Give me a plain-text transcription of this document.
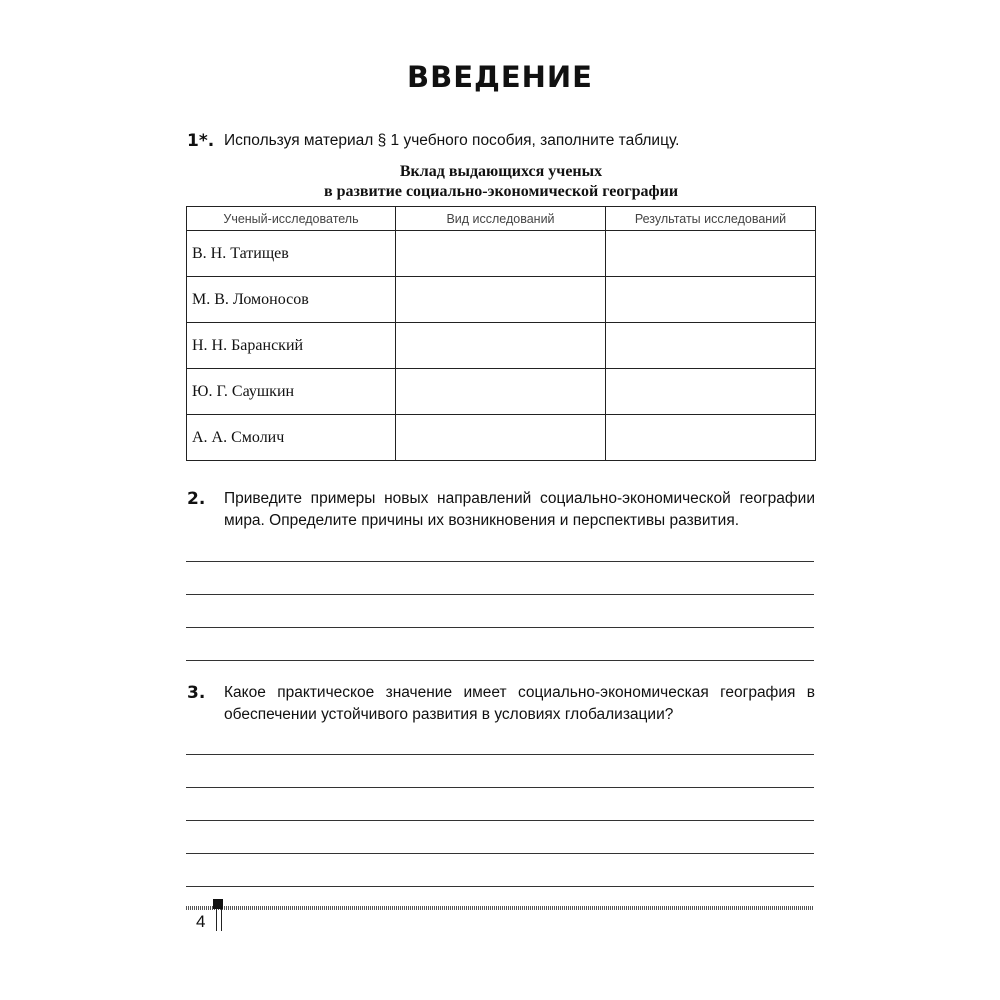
ВВЕДЕНИЕ
1*. Используя материал § 1 учебного пособия, заполните таблицу.
Вклад выдающихся ученых
в развитие социально-экономической географии
Ученый-исследователь	Вид исследований	Результаты исследований
В. Н. Татищев		
М. В. Ломоносов		
Н. Н. Баранский		
Ю. Г. Саушкин		
А. А. Смолич		
2. Приведите примеры новых направлений социально-экономической географии мира. Определите причины их возникновения и перспективы развития.
3. Какое практическое значение имеет социально-экономическая география в обеспечении устойчивого развития в условиях глобализации?
4
